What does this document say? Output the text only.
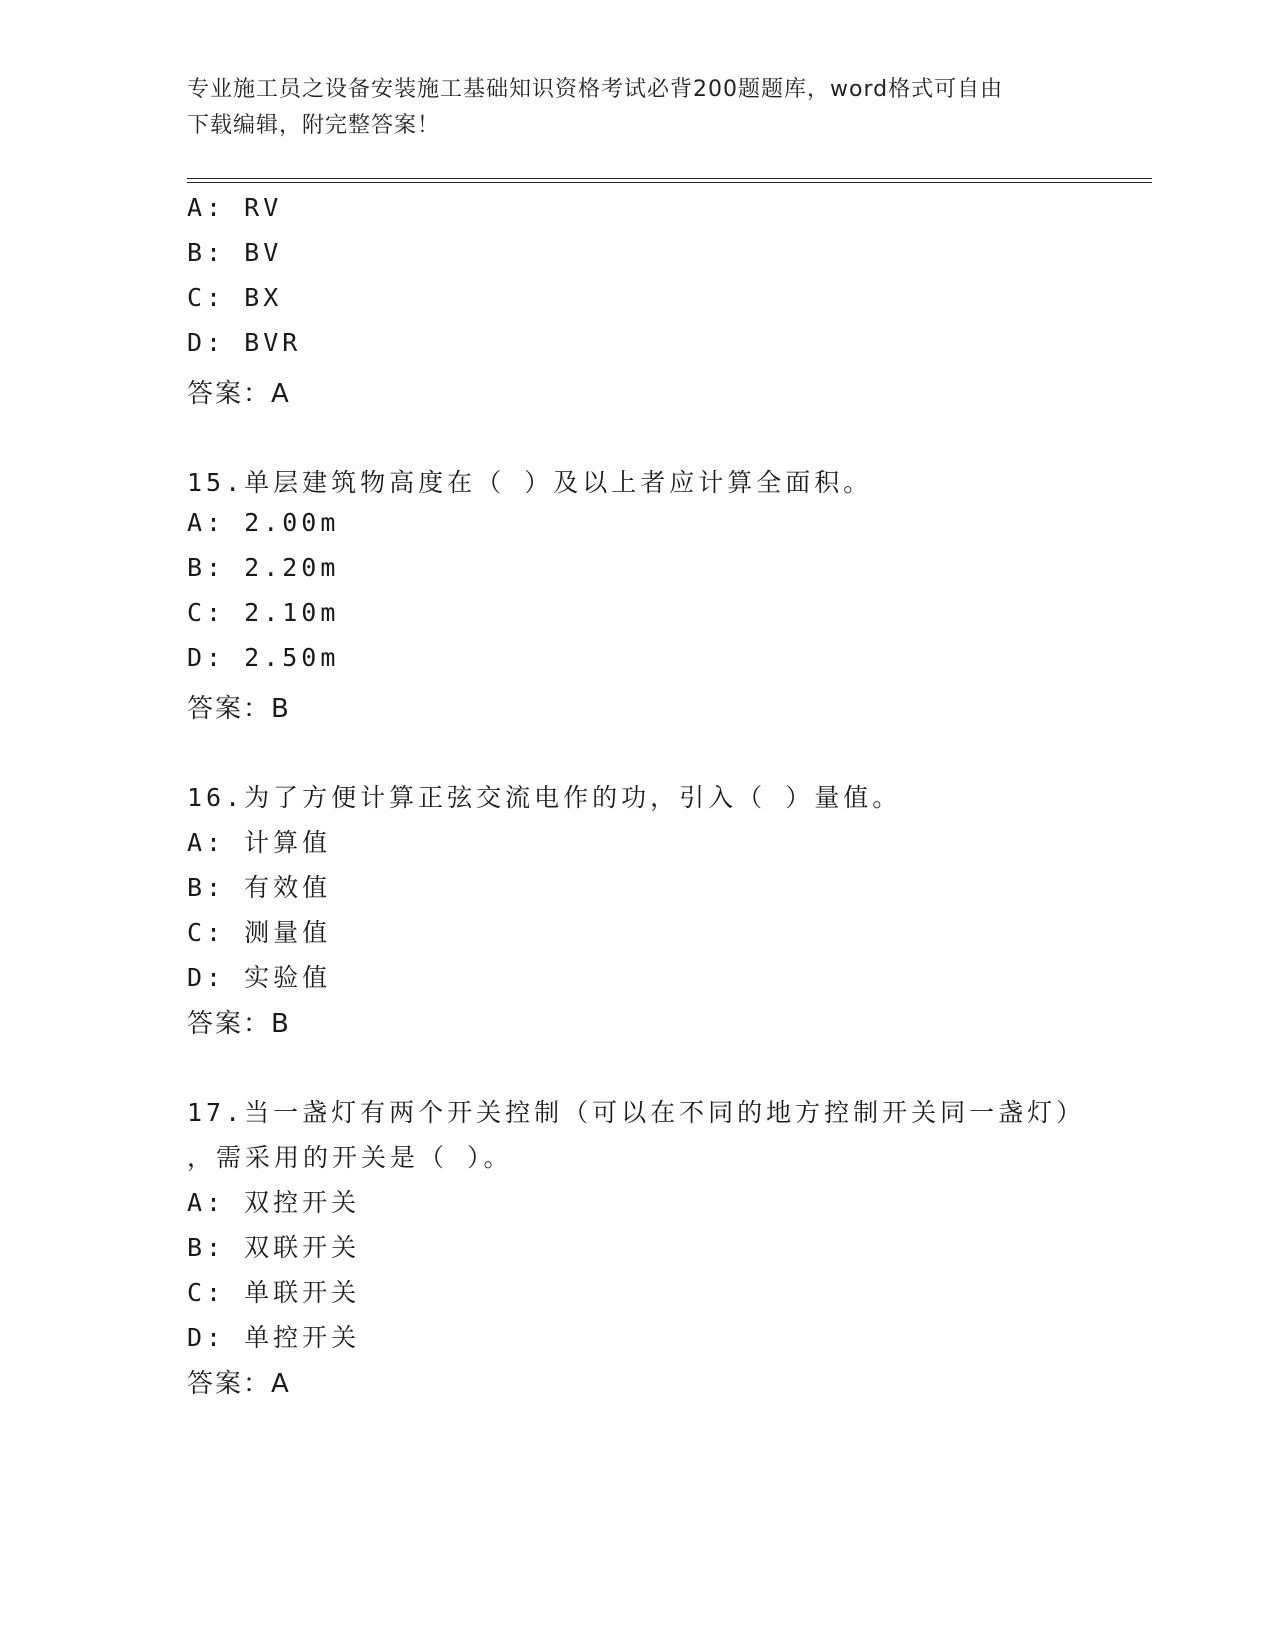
专业施工员之设备安装施工基础知识资格考试必背200题题库，word格式可自由
下载编辑，附完整答案！
A: RV
B: BV
C: BX
D: BVR
答案：A
15.单层建筑物高度在（ ）及以上者应计算全面积。
A: 2.00m
B: 2.20m
C: 2.10m
D: 2.50m
答案：B
16.为了方便计算正弦交流电作的功，引入（ ）量值。
A: 计算值
B: 有效值
C: 测量值
D: 实验值
答案：B
17.当一盏灯有两个开关控制（可以在不同的地方控制开关同一盏灯）
，需采用的开关是（ ）。
A: 双控开关
B: 双联开关
C: 单联开关
D: 单控开关
答案：A
